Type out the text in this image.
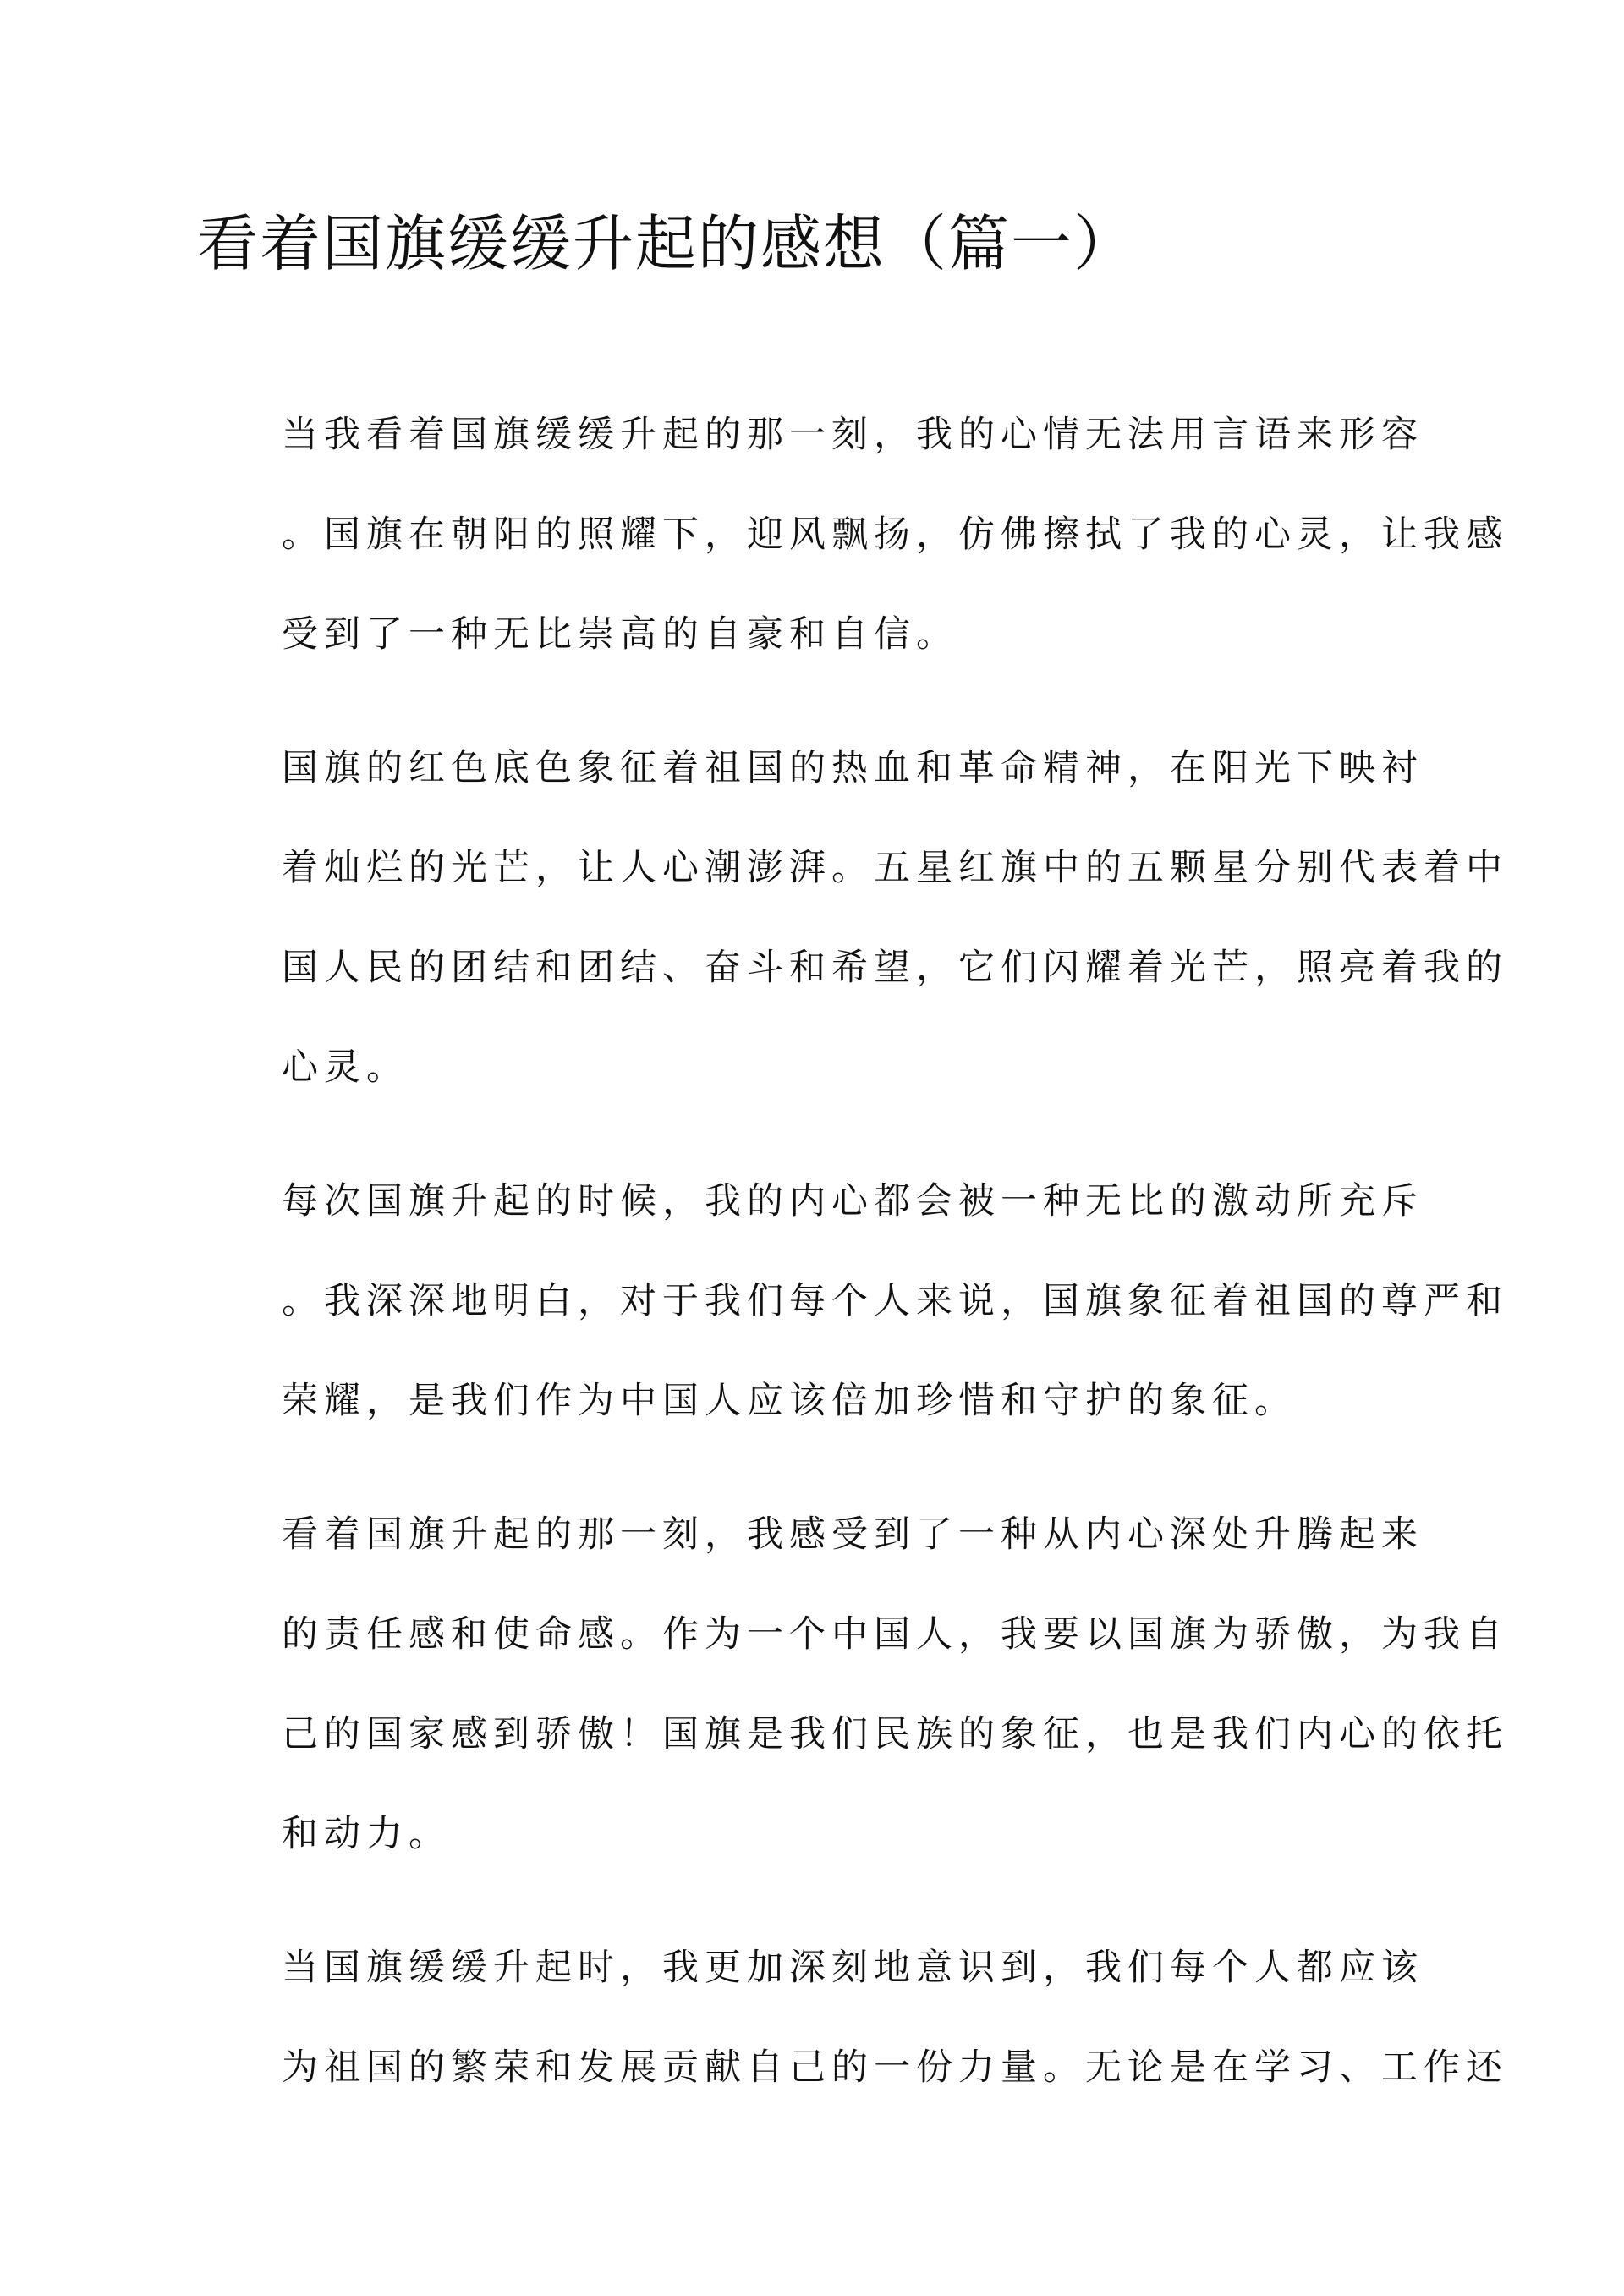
看着国旗缓缓升起的感想（篇一）

当我看着国旗缓缓升起的那一刻，我的心情无法用言语来形容
。国旗在朝阳的照耀下，迎风飘扬，仿佛擦拭了我的心灵，让我感
受到了一种无比崇高的自豪和自信。

国旗的红色底色象征着祖国的热血和革命精神，在阳光下映衬
着灿烂的光芒，让人心潮澎湃。五星红旗中的五颗星分别代表着中
国人民的团结和团结、奋斗和希望，它们闪耀着光芒，照亮着我的
心灵。

每次国旗升起的时候，我的内心都会被一种无比的激动所充斥
。我深深地明白，对于我们每个人来说，国旗象征着祖国的尊严和
荣耀，是我们作为中国人应该倍加珍惜和守护的象征。

看着国旗升起的那一刻，我感受到了一种从内心深处升腾起来
的责任感和使命感。作为一个中国人，我要以国旗为骄傲，为我自
己的国家感到骄傲！国旗是我们民族的象征，也是我们内心的依托
和动力。

当国旗缓缓升起时，我更加深刻地意识到，我们每个人都应该
为祖国的繁荣和发展贡献自己的一份力量。无论是在学习、工作还
